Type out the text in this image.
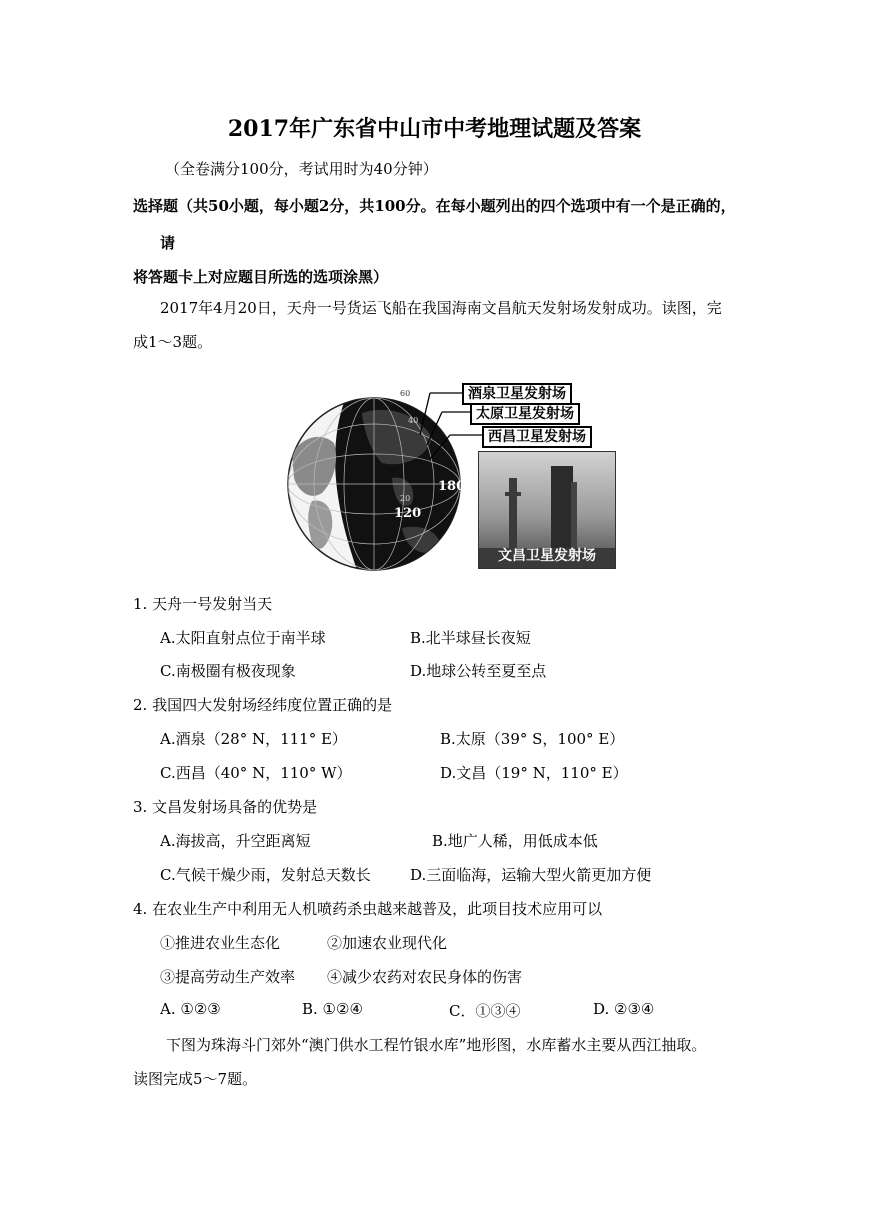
2017年广东省中山市中考地理试题及答案
（全卷满分100分，考试用时为40分钟）
选择题（共50小题，每小题2分，共100分。在每小题列出的四个选项中有一个是正确的，
请
将答题卡上对应题目所选的选项涂黑）
2017年4月20日，天舟一号货运飞船在我国海南文昌航天发射场发射成功。读图，完
成1～3题。
60
40
20
180
120
酒泉卫星发射场
太原卫星发射场
西昌卫星发射场
文昌卫星发射场
1. 天舟一号发射当天
A.太阳直射点位于南半球	B.北半球昼长夜短
C.南极圈有极夜现象	D.地球公转至夏至点
2. 我国四大发射场经纬度位置正确的是
A.酒泉（28° N，111° E）	B.太原（39° S，100° E）
C.西昌（40° N，110° W）	D.文昌（19° N，110° E）
3. 文昌发射场具备的优势是
A.海拔高，升空距离短	B.地广人稀，用低成本低
C.气候干燥少雨，发射总天数长	D.三面临海，运输大型火箭更加方便
4. 在农业生产中利用无人机喷药杀虫越来越普及，此项目技术应用可以
①推进农业生态化	②加速农业现代化
③提高劳动生产效率 ④减少农药对农民身体的伤害
A. ①②③	B. ①②④	C．①③④	D. ②③④
下图为珠海斗门郊外“澳门供水工程竹银水库”地形图，水库蓄水主要从西江抽取。
读图完成5～7题。
